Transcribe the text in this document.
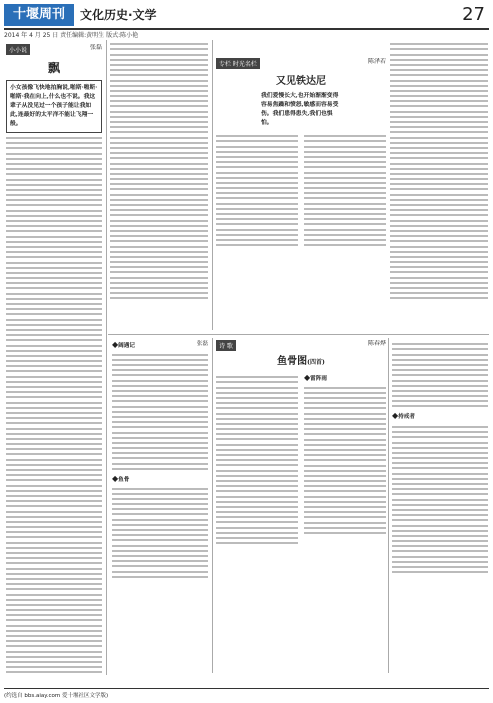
十堰周刊	文化历史·文学	27
2014 年 4 月 25 日 责任编辑:黄明生 版式:陈小艳
小小说	张磊
飘
小女孩像飞快地拍胸说,啪斯·啪斯·啪斯·我在向上,什么也不说。我这辈子从没见过一个孩子能让我如此,连最好的太平洋不能让飞翔一般。
专栏 时光名栏	陈泽若
又见铁达尼
我们爱慢长大,也开始渐渐变得容易焦躁和愤怒,敏感而容易受伤。我们患得患失,我们也惧怕。
◆阔遇记	张磊
◆鱼骨
诗 歌	陈春烨
鱼骨图(四首)
◆雷阵雨
◆持戒者
(约选自 bbs.aiay.com 爱十堰社区文学版)
